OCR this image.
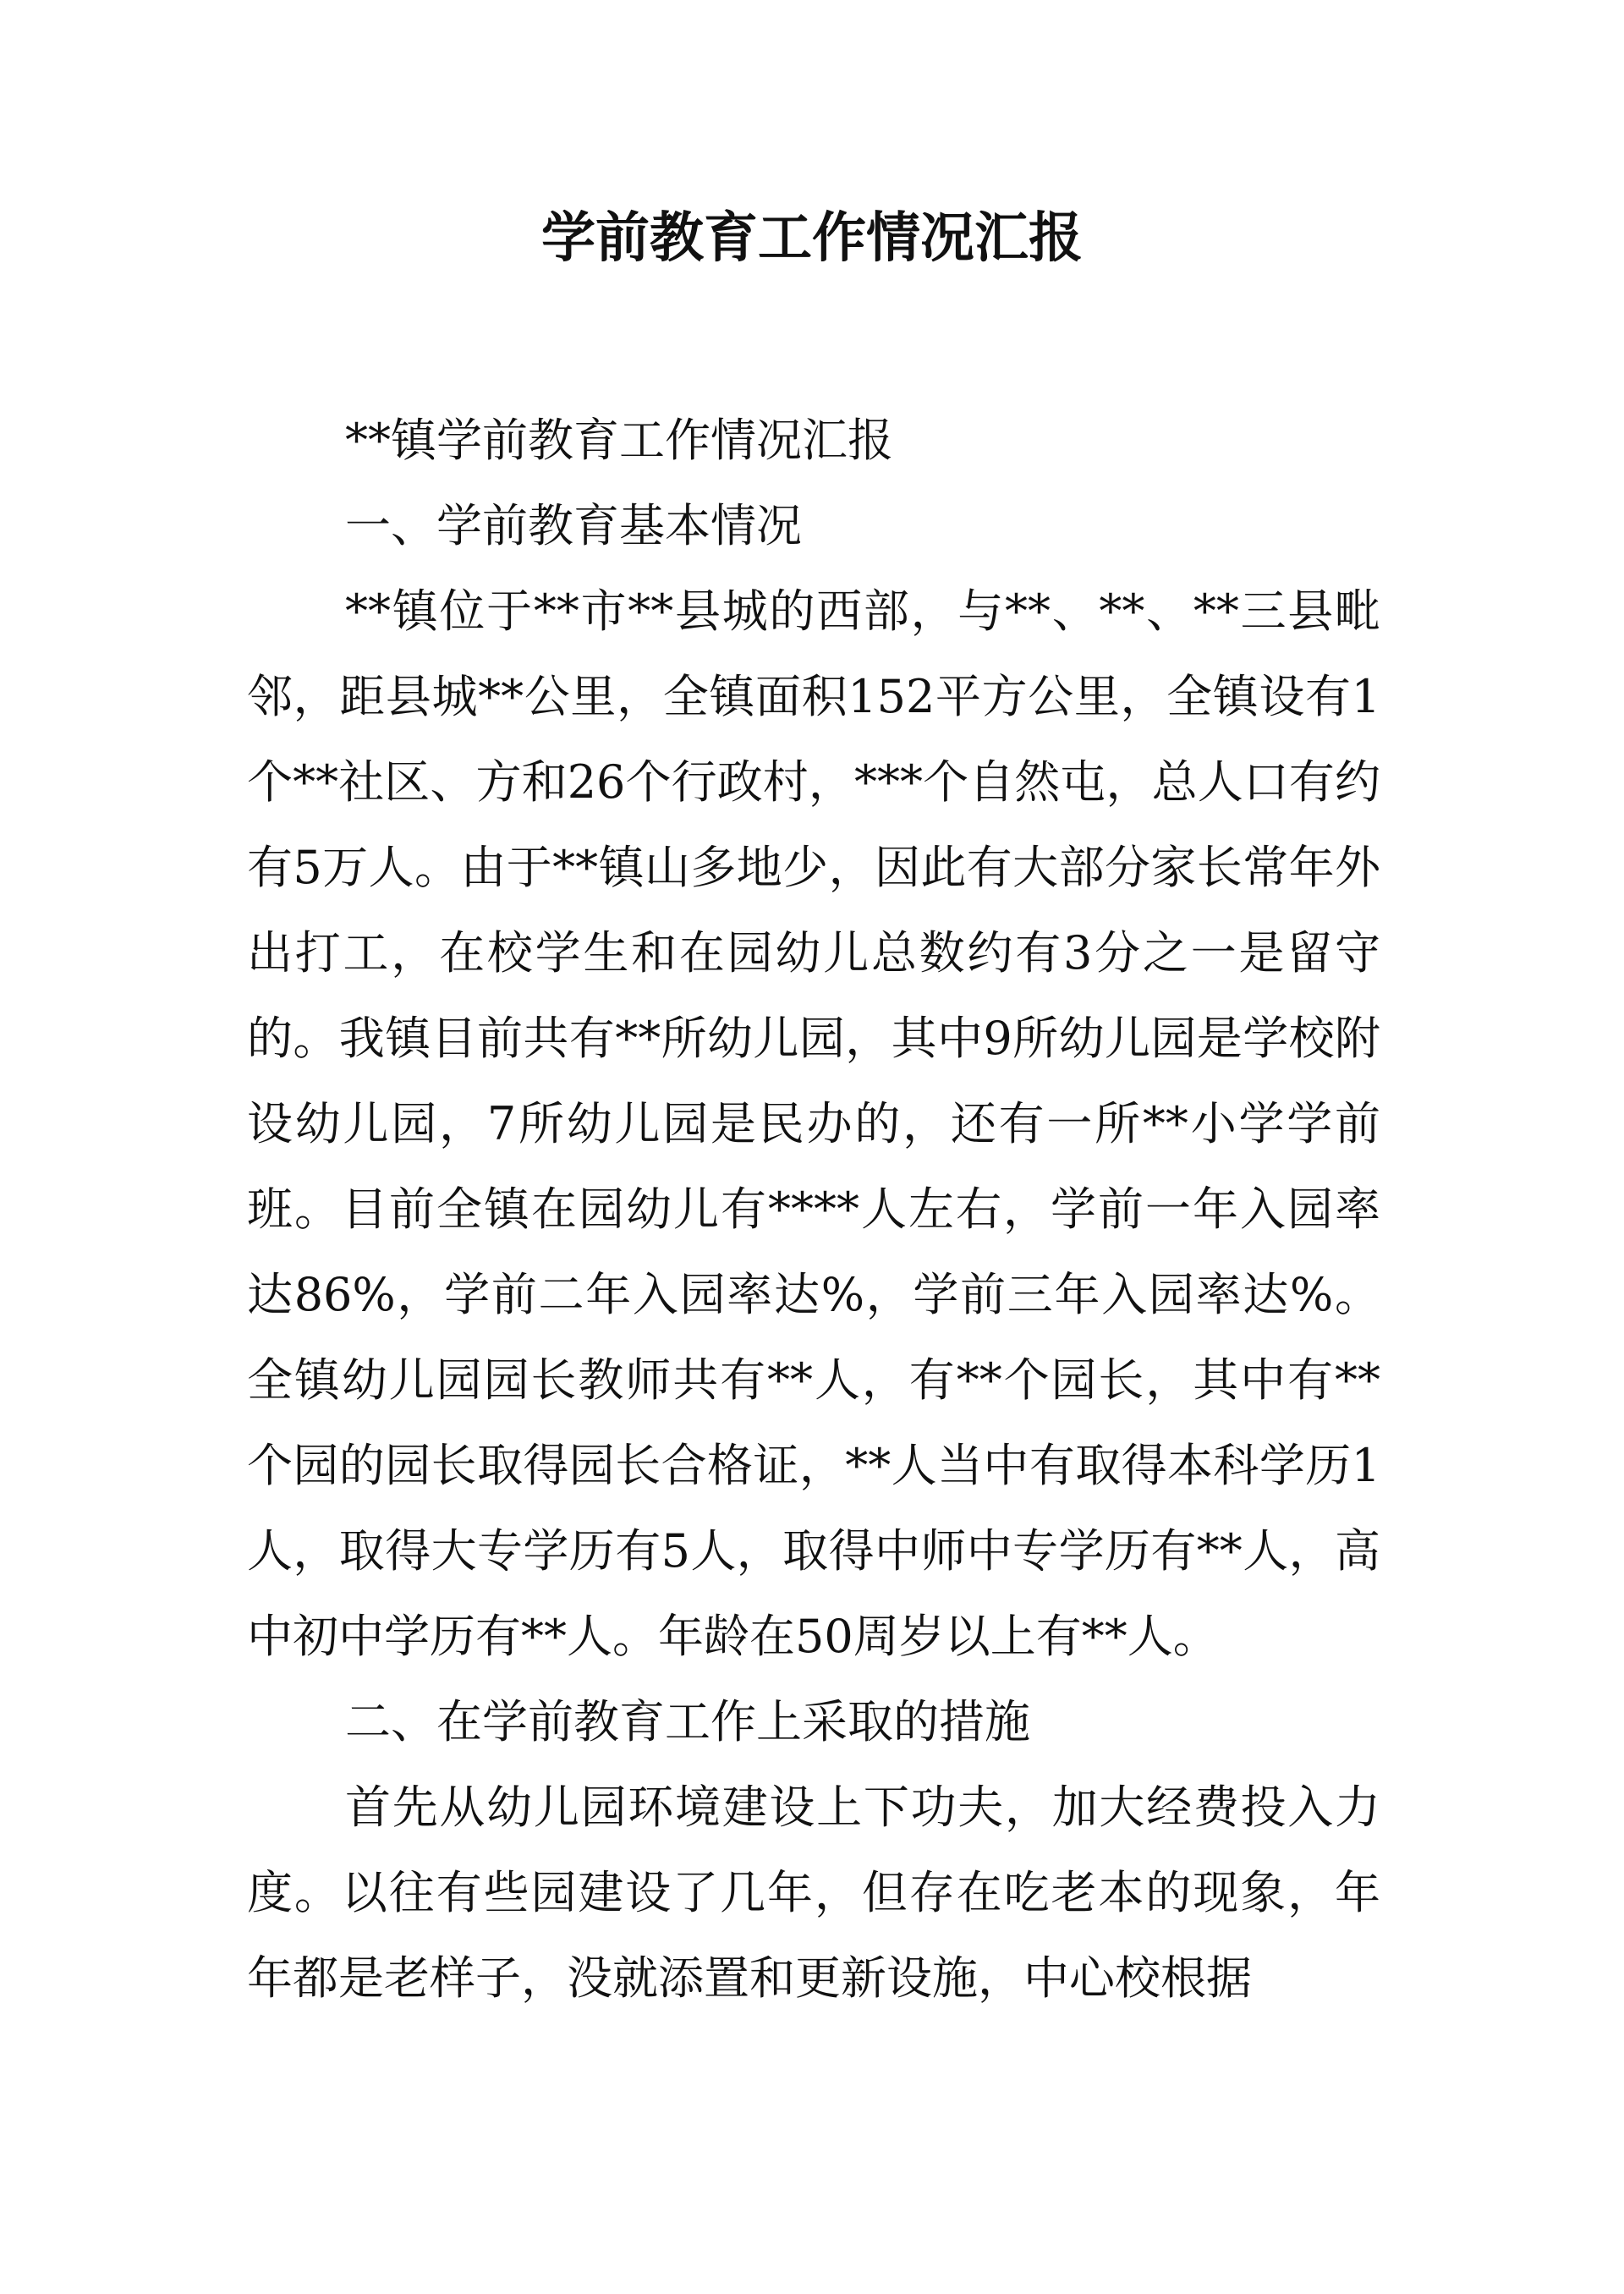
学前教育工作情况汇报

**镇学前教育工作情况汇报

一、学前教育基本情况

**镇位于**市**县城的西部，与**、**、**三县毗邻，距县城**公里，全镇面积152平方公里，全镇设有1个**社区、方和26个行政村，***个自然屯，总人口有约有5万人。由于**镇山多地少，因此有大部分家长常年外出打工，在校学生和在园幼儿总数约有3分之一是留守的。我镇目前共有**所幼儿园，其中9所幼儿园是学校附设幼儿园，7所幼儿园是民办的，还有一所**小学学前班。目前全镇在园幼儿有****人左右，学前一年入园率达86%，学前二年入园率达%，学前三年入园率达%。全镇幼儿园园长教师共有**人，有**个园长，其中有**个园的园长取得园长合格证，**人当中有取得本科学历1人，取得大专学历有5人，取得中师中专学历有**人，高中初中学历有**人。年龄在50周岁以上有**人。

二、在学前教育工作上采取的措施

首先从幼儿园环境建设上下功夫，加大经费投入力度。以往有些园建设了几年，但存在吃老本的现象，年年都是老样子，没就添置和更新设施，中心校根据
